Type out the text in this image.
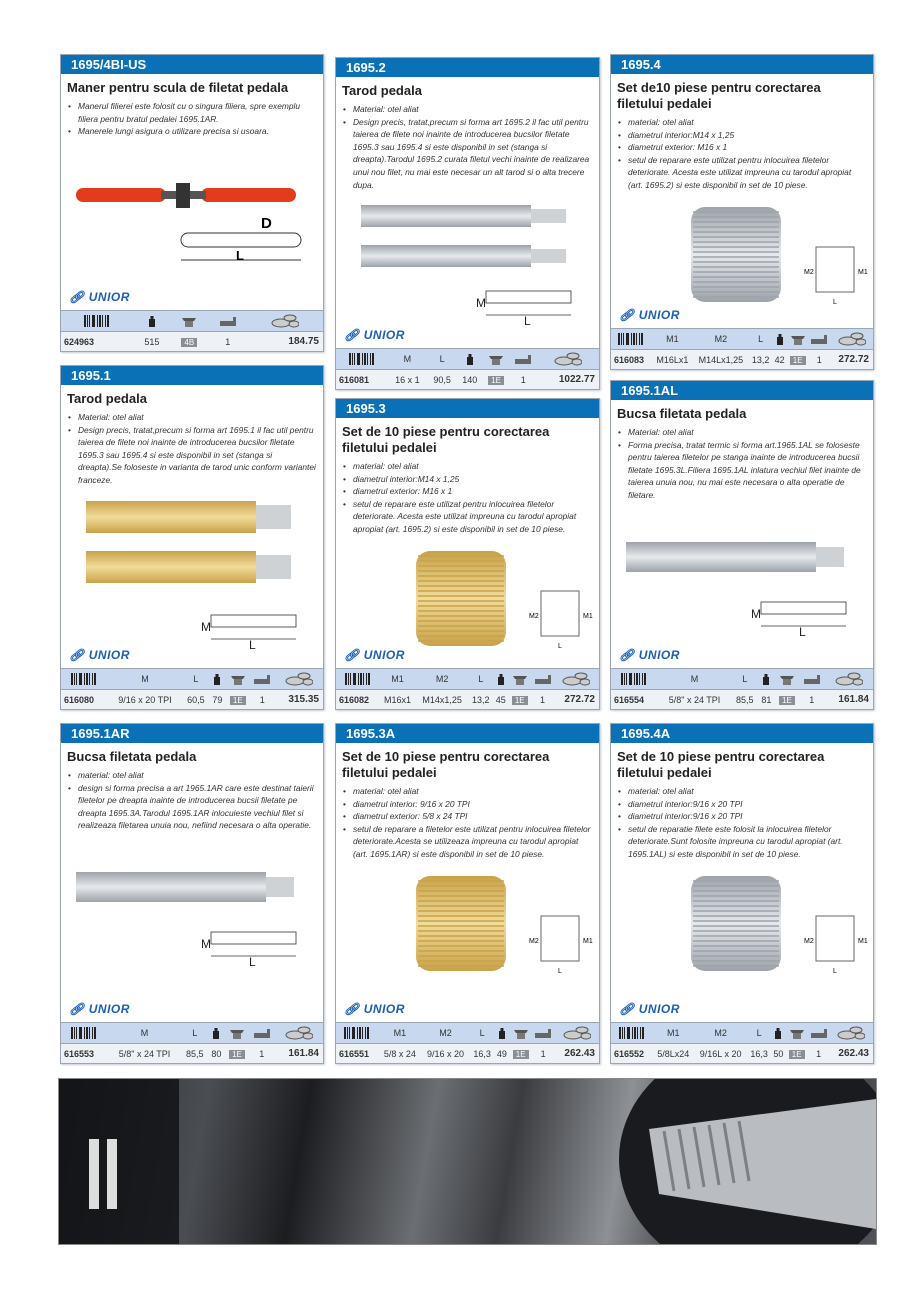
1695/4BI-US
Maner pentru scula de filetat pedala
• Manerul filierei este folosit cu o singura filiera, spre exemplu filiera pentru bratul pedalei 1695.1AR.
• Manerele lungi asigura o utilizare precisa si usoara.
D
L
🔗︎ UNIOR

624963	515	4B	1	184.75
1695.2
Tarod pedala
• Material: otel aliat
• Design precis, tratat,precum si forma art 1695.2 il fac util pentru taierea de filete noi inainte de introducerea bucsilor filetate 1695.3 sau 1695.4 si este disponibil in set (stanga si dreapta).Tarodul 1695.2 curata filetul vechi inainte de realizarea unui nou filet, nu mai este necesar un alt tarod si o alta trecere dupa.
M
L
🔗︎ UNIOR
	M	L				
616081	16 x 1	90,5	140	1E	1	1022.77
1695.4
Set de10 piese pentru corectarea filetului pedalei
• material: otel aliat
• diametrul interior:M14 x 1,25
• diametrul exterior: M16 x 1
• setul de reparare este utilizat pentru inlocuirea filetelor deteriorate. Acesta este utilizat impreuna cu tarodul apropiat (art. 1695.2) si este disponibil in set de 10 piese.
M2	M1
L
🔗︎ UNIOR
	M1	M2	L				
616083	M16Lx1	M14Lx1,25	13,2	42	1E	1	272.72
1695.1
Tarod pedala
• Material: otel aliat
• Design precis, tratat,precum si forma art 1695.1 il fac util pentru taierea de filete noi inainte de introducerea bucsilor filetate 1695.3 sau 1695.4 si este disponibil in set (stanga si dreapta).Se foloseste in varianta de tarod unic conform variantei franceze.
M
L
🔗︎ UNIOR
	M	L				
616080	9/16 x 20 TPI	60,5	79	1E	1	315.35
1695.3
Set de 10 piese pentru corectarea filetului pedalei
• material: otel aliat
• diametrul interior:M14 x 1,25
• diametrul exterior: M16 x 1
• setul de reparare este utilizat pentru inlocuirea filetelor deteriorate. Acesta este utilizat impreuna cu tarodul apropiat apropiat (art. 1695.2) si este disponibil in set de 10 piese.
M2	M1
L
🔗︎ UNIOR
	M1	M2	L				
616082	M16x1	M14x1,25	13,2	45	1E	1	272.72
1695.1AL
Bucsa filetata pedala
• Material: otel aliat
• Forma precisa, tratat termic si forma art.1965.1AL se foloseste pentru taierea filetelor pe stanga inainte de introducerea bucsii filetate 1695.3L.Filiera 1695.1AL inlatura vechiul filet inainte de taierea unuia nou, nu mai este necesara o alta operatie de filetare.
M
L
🔗︎ UNIOR
	M	L				
616554	5/8" x 24 TPI	85,5	81	1E	1	161.84
1695.1AR
Bucsa filetata pedala
• material: otel aliat
• design si forma precisa a art 1965.1AR care este destinat taierii filetelor pe dreapta inainte de introducerea bucsii filetate pe dreapta 1695.3A.Tarodul 1695.1AR inlocuieste vechiul filet si realizeaza filetarea unuia nou, nefiind necesara o alta operatie.
M
L
🔗︎ UNIOR
	M	L				
616553	5/8" x 24 TPI	85,5	80	1E	1	161.84
1695.3A
Set de 10 piese pentru corectarea filetului pedalei
• material: otel aliat
• diametrul interior: 9/16 x 20 TPI
• diametrul exterior: 5/8 x 24 TPI
• setul de reparare a filetelor este utilizat pentru inlocuirea filetelor deteriorate.Acesta se utilizeaza impreuna cu tarodul apropiat (art. 1695.1AR) si este disponibil in set de 10 piese.
M2	M1
L
🔗︎ UNIOR
	M1	M2	L				
616551	5/8 x 24	9/16 x 20	16,3	49	1E	1	262.43
1695.4A
Set de 10 piese pentru corectarea filetului pedalei
• material: otel aliat
• diametrul interior:9/16 x 20 TPI
• diametrul interior:9/16 x 20 TPI
• setul de reparatie filete este folosit la inlocuirea filetelor deteriorate.Sunt folosite impreuna cu tarodul apropiat (art. 1695.1AL) si este disponibil in set de 10 piese.
M2	M1
L
🔗︎ UNIOR
	M1	M2	L				
616552	5/8Lx24	9/16L x 20	16,3	50	1E	1	262.43
